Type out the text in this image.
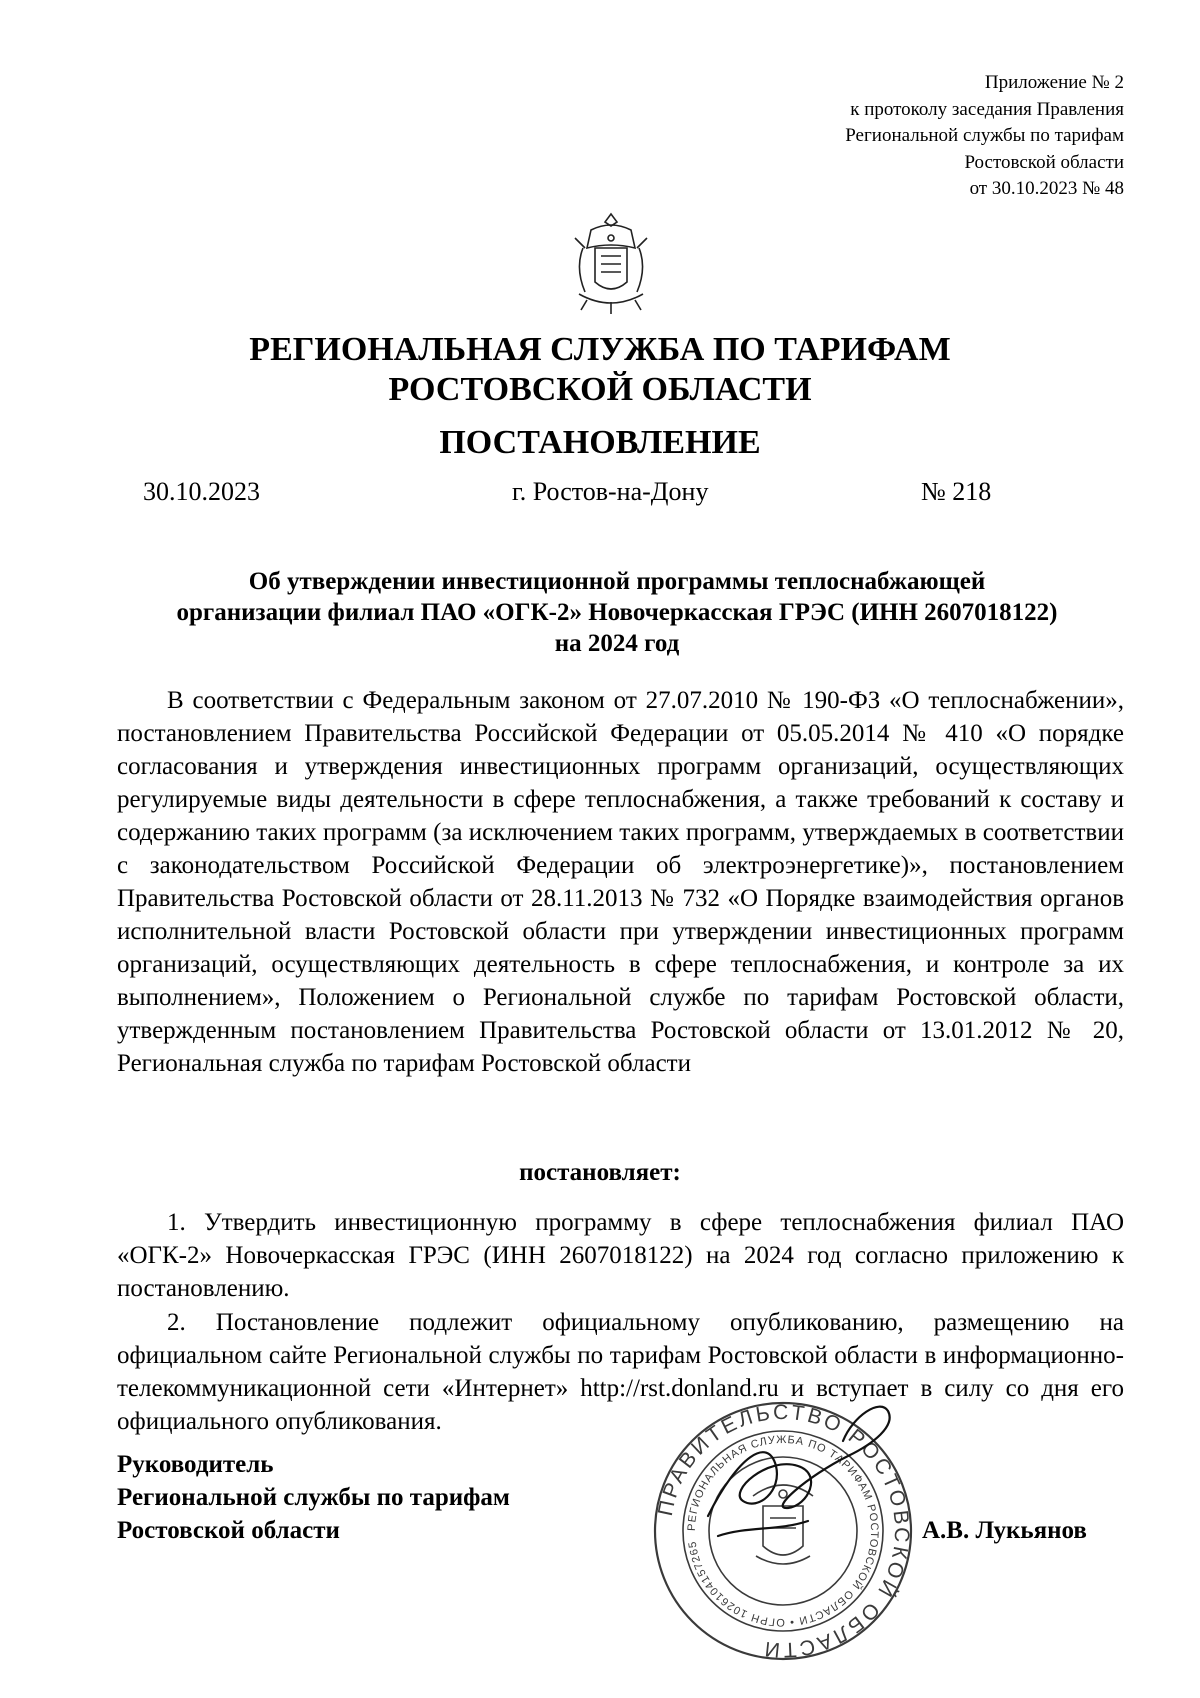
Приложение № 2
к протоколу заседания Правления
Региональной службы по тарифам
Ростовской области
от 30.10.2023 № 48
РЕГИОНАЛЬНАЯ СЛУЖБА ПО ТАРИФАМ
РОСТОВСКОЙ ОБЛАСТИ
ПОСТАНОВЛЕНИЕ
30.10.2023	г. Ростов-на-Дону	№ 218
Об утверждении инвестиционной программы теплоснабжающей
организации филиал ПАО «ОГК-2» Новочеркасская ГРЭС (ИНН 2607018122)
на 2024 год
В соответствии с Федеральным законом от 27.07.2010 № 190-ФЗ «О теплоснабжении», постановлением Правительства Российской Федерации от 05.05.2014 № 410 «О порядке согласования и утверждения инвестиционных программ организаций, осуществляющих регулируемые виды деятельности в сфере теплоснабжения, а также требований к составу и содержанию таких программ (за исключением таких программ, утверждаемых в соответствии с законодательством Российской Федерации об электроэнергетике)», постановлением Правительства Ростовской области от 28.11.2013 № 732 «О Порядке взаимодействия органов исполнительной власти Ростовской области при утверждении инвестиционных программ организаций, осуществляющих деятельность в сфере теплоснабжения, и контроле за их выполнением», Положением о Региональной службе по тарифам Ростовской области, утвержденным постановлением Правительства Ростовской области от 13.01.2012 № 20, Региональная служба по тарифам Ростовской области
постановляет:
1. Утвердить инвестиционную программу в сфере теплоснабжения филиал ПАО «ОГК-2» Новочеркасская ГРЭС (ИНН 2607018122) на 2024 год согласно приложению к постановлению.
2. Постановление подлежит официальному опубликованию, размещению на официальном сайте Региональной службы по тарифам Ростовской области в информационно-телекоммуникационной сети «Интернет» http://rst.donland.ru и вступает в силу со дня его официального опубликования.
Руководитель
Региональной службы по тарифам
Ростовской области
ПРАВИТЕЛЬСТВО РОСТОВСКОЙ ОБЛАСТИ
РЕГИОНАЛЬНАЯ СЛУЖБА ПО ТАРИФАМ РОСТОВСКОЙ ОБЛАСТИ • ОГРН 1026104157265
А.В. Лукьянов
